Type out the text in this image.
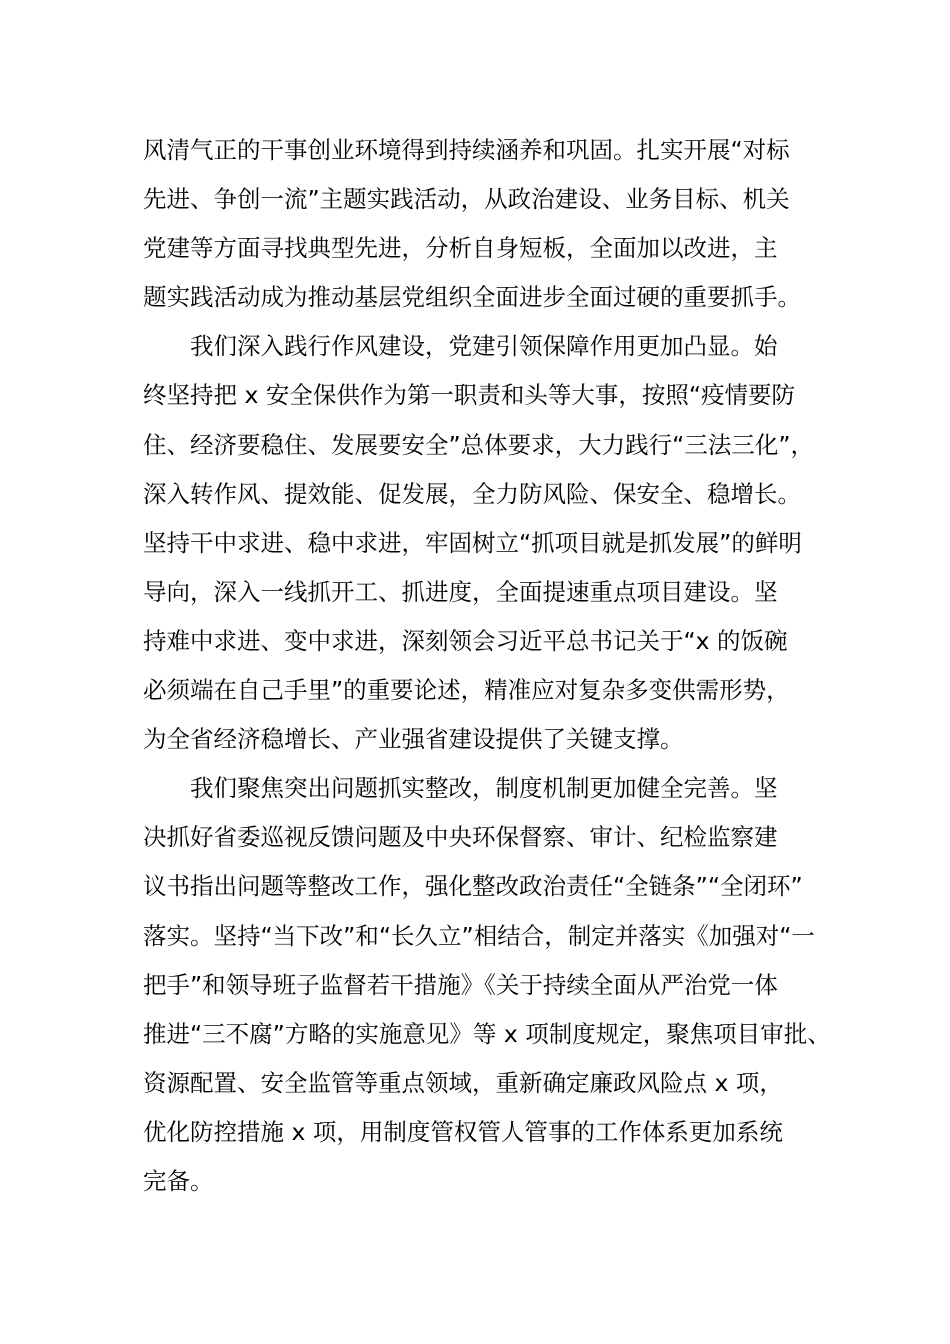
风清气正的干事创业环境得到持续涵养和巩固。扎实开展“对标
先进、争创一流”主题实践活动，从政治建设、业务目标、机关
党建等方面寻找典型先进，分析自身短板，全面加以改进，主
题实践活动成为推动基层党组织全面进步全面过硬的重要抓手。
我们深入践行作风建设，党建引领保障作用更加凸显。始
终坚持把 x 安全保供作为第一职责和头等大事，按照“疫情要防
住、经济要稳住、发展要安全”总体要求，大力践行“三法三化”，
深入转作风、提效能、促发展，全力防风险、保安全、稳增长。
坚持干中求进、稳中求进，牢固树立“抓项目就是抓发展”的鲜明
导向，深入一线抓开工、抓进度，全面提速重点项目建设。坚
持难中求进、变中求进，深刻领会习近平总书记关于“x 的饭碗
必须端在自己手里”的重要论述，精准应对复杂多变供需形势，
为全省经济稳增长、产业强省建设提供了关键支撑。
我们聚焦突出问题抓实整改，制度机制更加健全完善。坚
决抓好省委巡视反馈问题及中央环保督察、审计、纪检监察建
议书指出问题等整改工作，强化整改政治责任“全链条”“全闭环”
落实。坚持“当下改”和“长久立”相结合，制定并落实《加强对“一
把手”和领导班子监督若干措施》《关于持续全面从严治党一体
推进“三不腐”方略的实施意见》等 x 项制度规定，聚焦项目审批、
资源配置、安全监管等重点领域，重新确定廉政风险点 x 项，
优化防控措施 x 项，用制度管权管人管事的工作体系更加系统
完备。
